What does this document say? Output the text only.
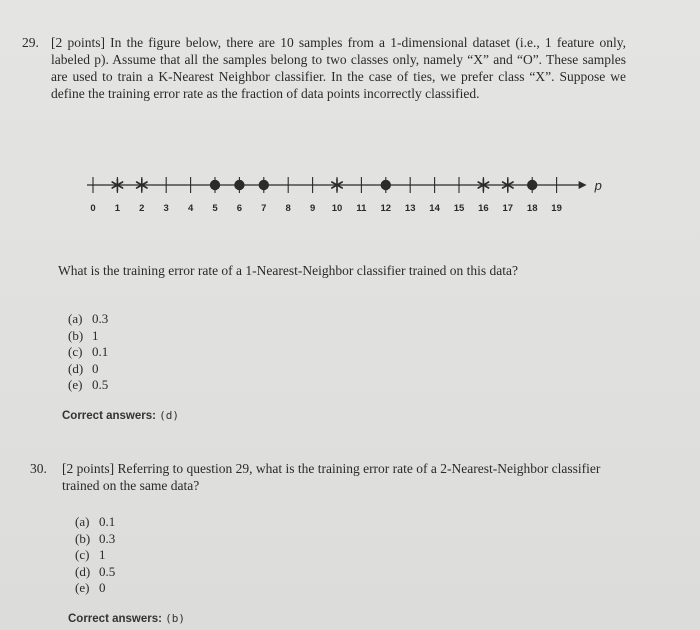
29. [2 points] In the figure below, there are 10 samples from a 1-dimensional dataset (i.e., 1 feature only, labeled p). Assume that all the samples belong to two classes only, namely “X” and “O”. These samples are used to train a K-Nearest Neighbor classifier. In the case of ties, we prefer class “X”. Suppose we define the training error rate as the fraction of data points incorrectly classified.
p
0 1 2 3 4 5 6 7 8 9 10 11 12 13 14 15 16 17 18 19
What is the training error rate of a 1-Nearest-Neighbor classifier trained on this data?
(a) 0.3
(b) 1
(c) 0.1
(d) 0
(e) 0.5
Correct answers: (d)
30. [2 points] Referring to question 29, what is the training error rate of a 2-Nearest-Neighbor classifier trained on the same data?
(a) 0.1
(b) 0.3
(c) 1
(d) 0.5
(e) 0
Correct answers: (b)
